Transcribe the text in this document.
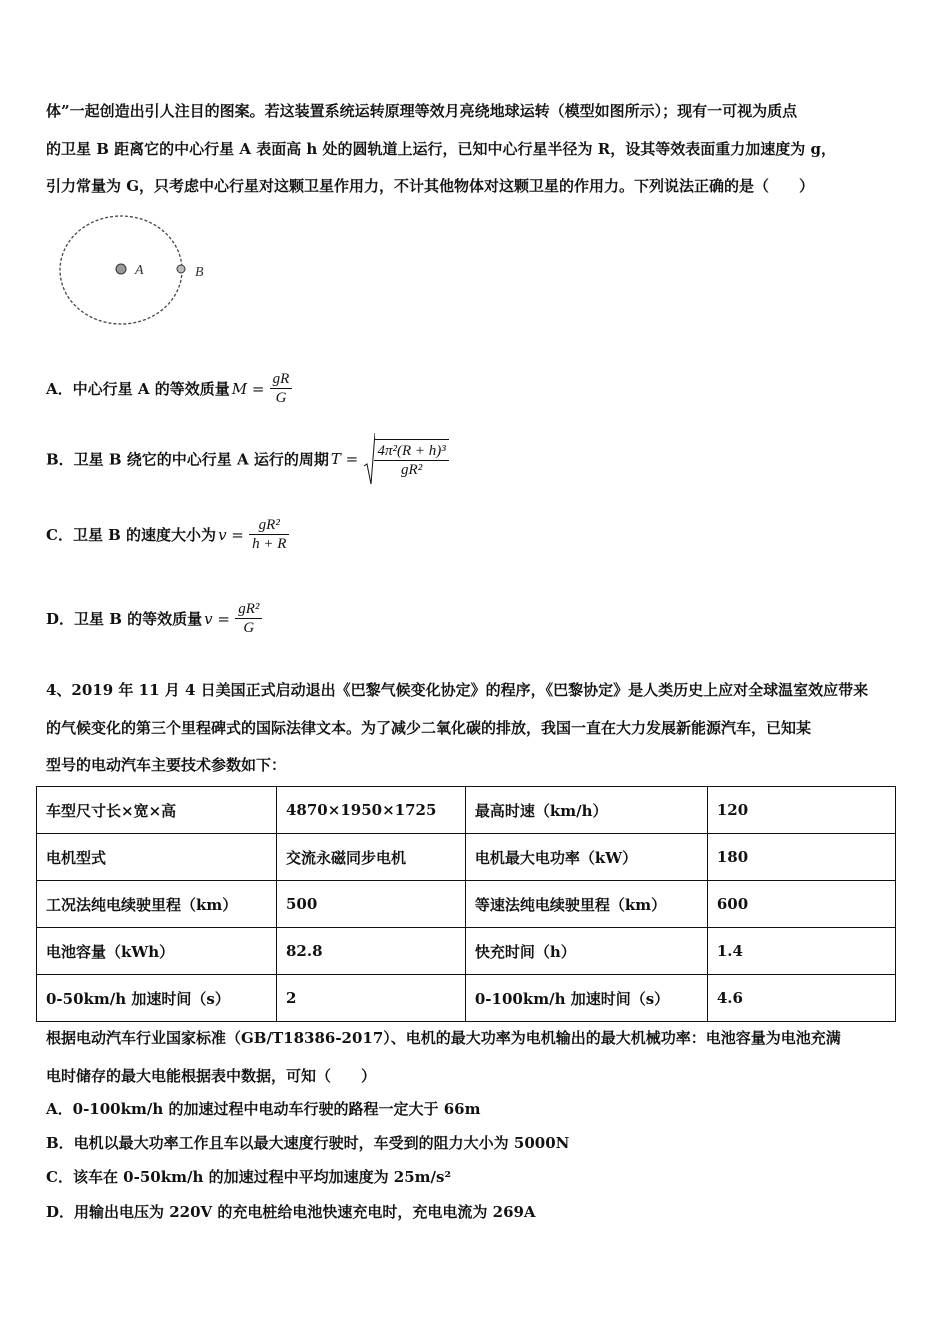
体”一起创造出引人注目的图案。若这装置系统运转原理等效月亮绕地球运转（模型如图所示）；现有一可视为质点
的卫星 B 距离它的中心行星 A 表面高 h 处的圆轨道上运行，已知中心行星半径为 R，设其等效表面重力加速度为 g，
引力常量为 G，只考虑中心行星对这颗卫星作用力，不计其他物体对这颗卫星的作用力。下列说法正确的是（　　）
A	B
A．中心行星 A 的等效质量 $M = \frac{gR}{G}$
B．卫星 B 绕它的中心行星 A 运行的周期 $T = \frac{\text{4π²(R + h)³}}{\text{gR²}}$
C．卫星 B 的速度大小为 $v = \frac{\text{gR²}}{h + R}$
D．卫星 B 的等效质量 $v = \frac{\text{gR²}}{G}$
4、2019 年 11 月 4 日美国正式启动退出《巴黎气候变化协定》的程序，《巴黎协定》是人类历史上应对全球温室效应带来
的气候变化的第三个里程碑式的国际法律文本。为了减少二氧化碳的排放，我国一直在大力发展新能源汽车，已知某
型号的电动汽车主要技术参数如下：
车型尺寸长×宽×高	4870×1950×1725	最高时速（km/h）	120
电机型式	交流永磁同步电机	电机最大电功率（kW）	180
工况法纯电续驶里程（km）	500	等速法纯电续驶里程（km）	600
电池容量（kWh）	82.8	快充时间（h）	1.4
0-50km/h 加速时间（s）	2	0-100km/h 加速时间（s）	4.6
根据电动汽车行业国家标准（GB/T18386-2017）、电机的最大功率为电机输出的最大机械功率：电池容量为电池充满
电时储存的最大电能根据表中数据，可知（　　）
A．0-100km/h 的加速过程中电动车行驶的路程一定大于 66m
B．电机以最大功率工作且车以最大速度行驶时，车受到的阻力大小为 5000N
C．该车在 0-50km/h 的加速过程中平均加速度为 25m/s²
D．用输出电压为 220V 的充电桩给电池快速充电时，充电电流为 269A
